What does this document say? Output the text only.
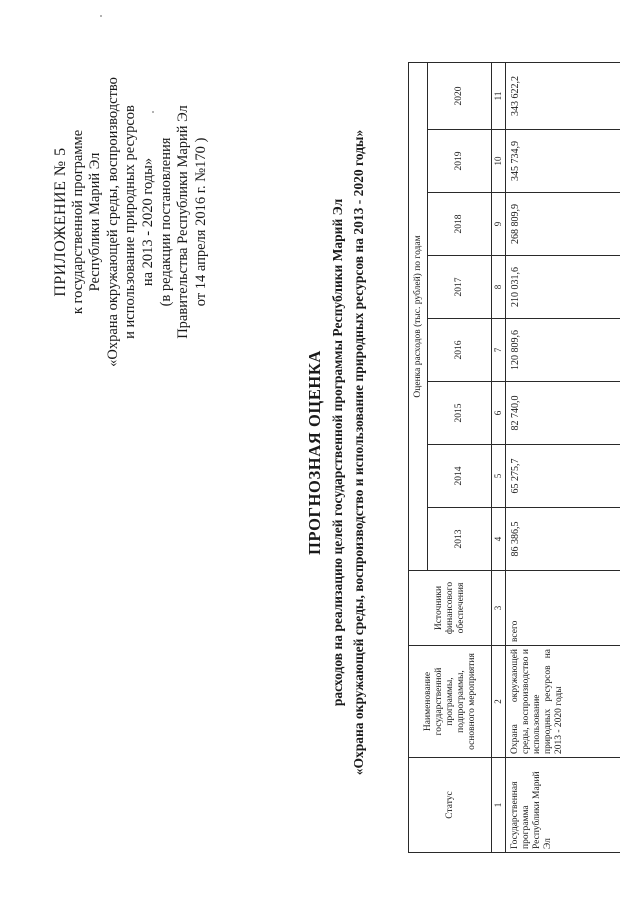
ПРИЛОЖЕНИЕ № 5 к государственной программе Республики Марий Эл «Охрана окружающей среды, воспроизводство и использование природных ресурсов на 2013 - 2020 годы» (в редакции постановления Правительства Республики Марий Эл от 14 апреля 2016 г. №170 )
ПРОГНОЗНАЯ ОЦЕНКА расходов на реализацию целей государственной программы Республики Марий Эл «Охрана окружающей среды, воспроизводство и использование природных ресурсов на 2013 - 2020 годы»
Статус	Наименование государственной программы, подпрограммы, основного мероприятия	Источники финансового обеспечения	Оценка расходов (тыс. рублей) по годам							
			2013	2014	2015	2016	2017	2018	2019	2020
1	2	3	4	5	6	7	8	9	10	11
Государственная программа Республики Марий Эл	Охрана окружающей среды, воспроизводство и использование природных ресурсов на 2013 - 2020 годы	всего	86 386,5	65 275,7	82 740,0	120 809,6	210 031,6	268 809,9	345 734,9	343 622,2
